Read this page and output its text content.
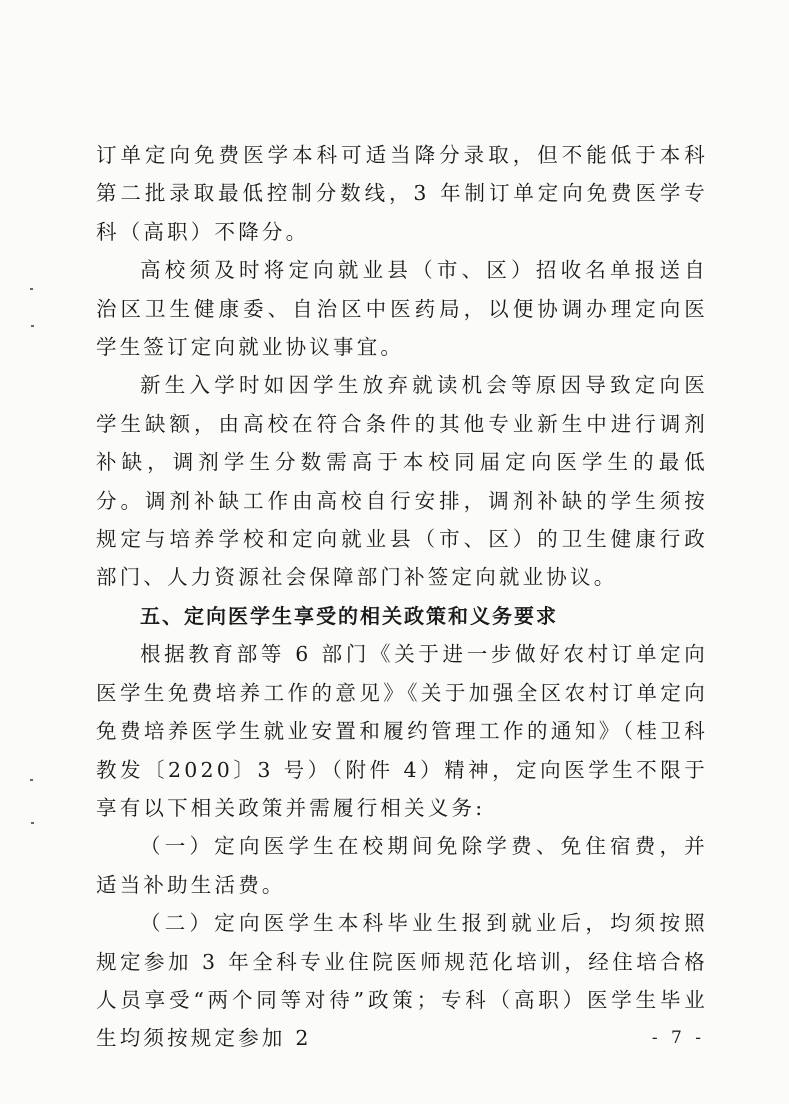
订单定向免费医学本科可适当降分录取，但不能低于本科第二批录取最低控制分数线，3 年制订单定向免费医学专科（高职）不降分。

高校须及时将定向就业县（市、区）招收名单报送自治区卫生健康委、自治区中医药局，以便协调办理定向医学生签订定向就业协议事宜。

新生入学时如因学生放弃就读机会等原因导致定向医学生缺额，由高校在符合条件的其他专业新生中进行调剂补缺，调剂学生分数需高于本校同届定向医学生的最低分。调剂补缺工作由高校自行安排，调剂补缺的学生须按规定与培养学校和定向就业县（市、区）的卫生健康行政部门、人力资源社会保障部门补签定向就业协议。

五、定向医学生享受的相关政策和义务要求

根据教育部等 6 部门《关于进一步做好农村订单定向医学生免费培养工作的意见》《关于加强全区农村订单定向免费培养医学生就业安置和履约管理工作的通知》（桂卫科教发〔2020〕3 号）（附件 4）精神，定向医学生不限于享有以下相关政策并需履行相关义务:

（一）定向医学生在校期间免除学费、免住宿费，并适当补助生活费。

（二）定向医学生本科毕业生报到就业后，均须按照规定参加 3 年全科专业住院医师规范化培训，经住培合格人员享受“两个同等对待”政策；专科（高职）医学生毕业生均须按规定参加 2	- 7 -
